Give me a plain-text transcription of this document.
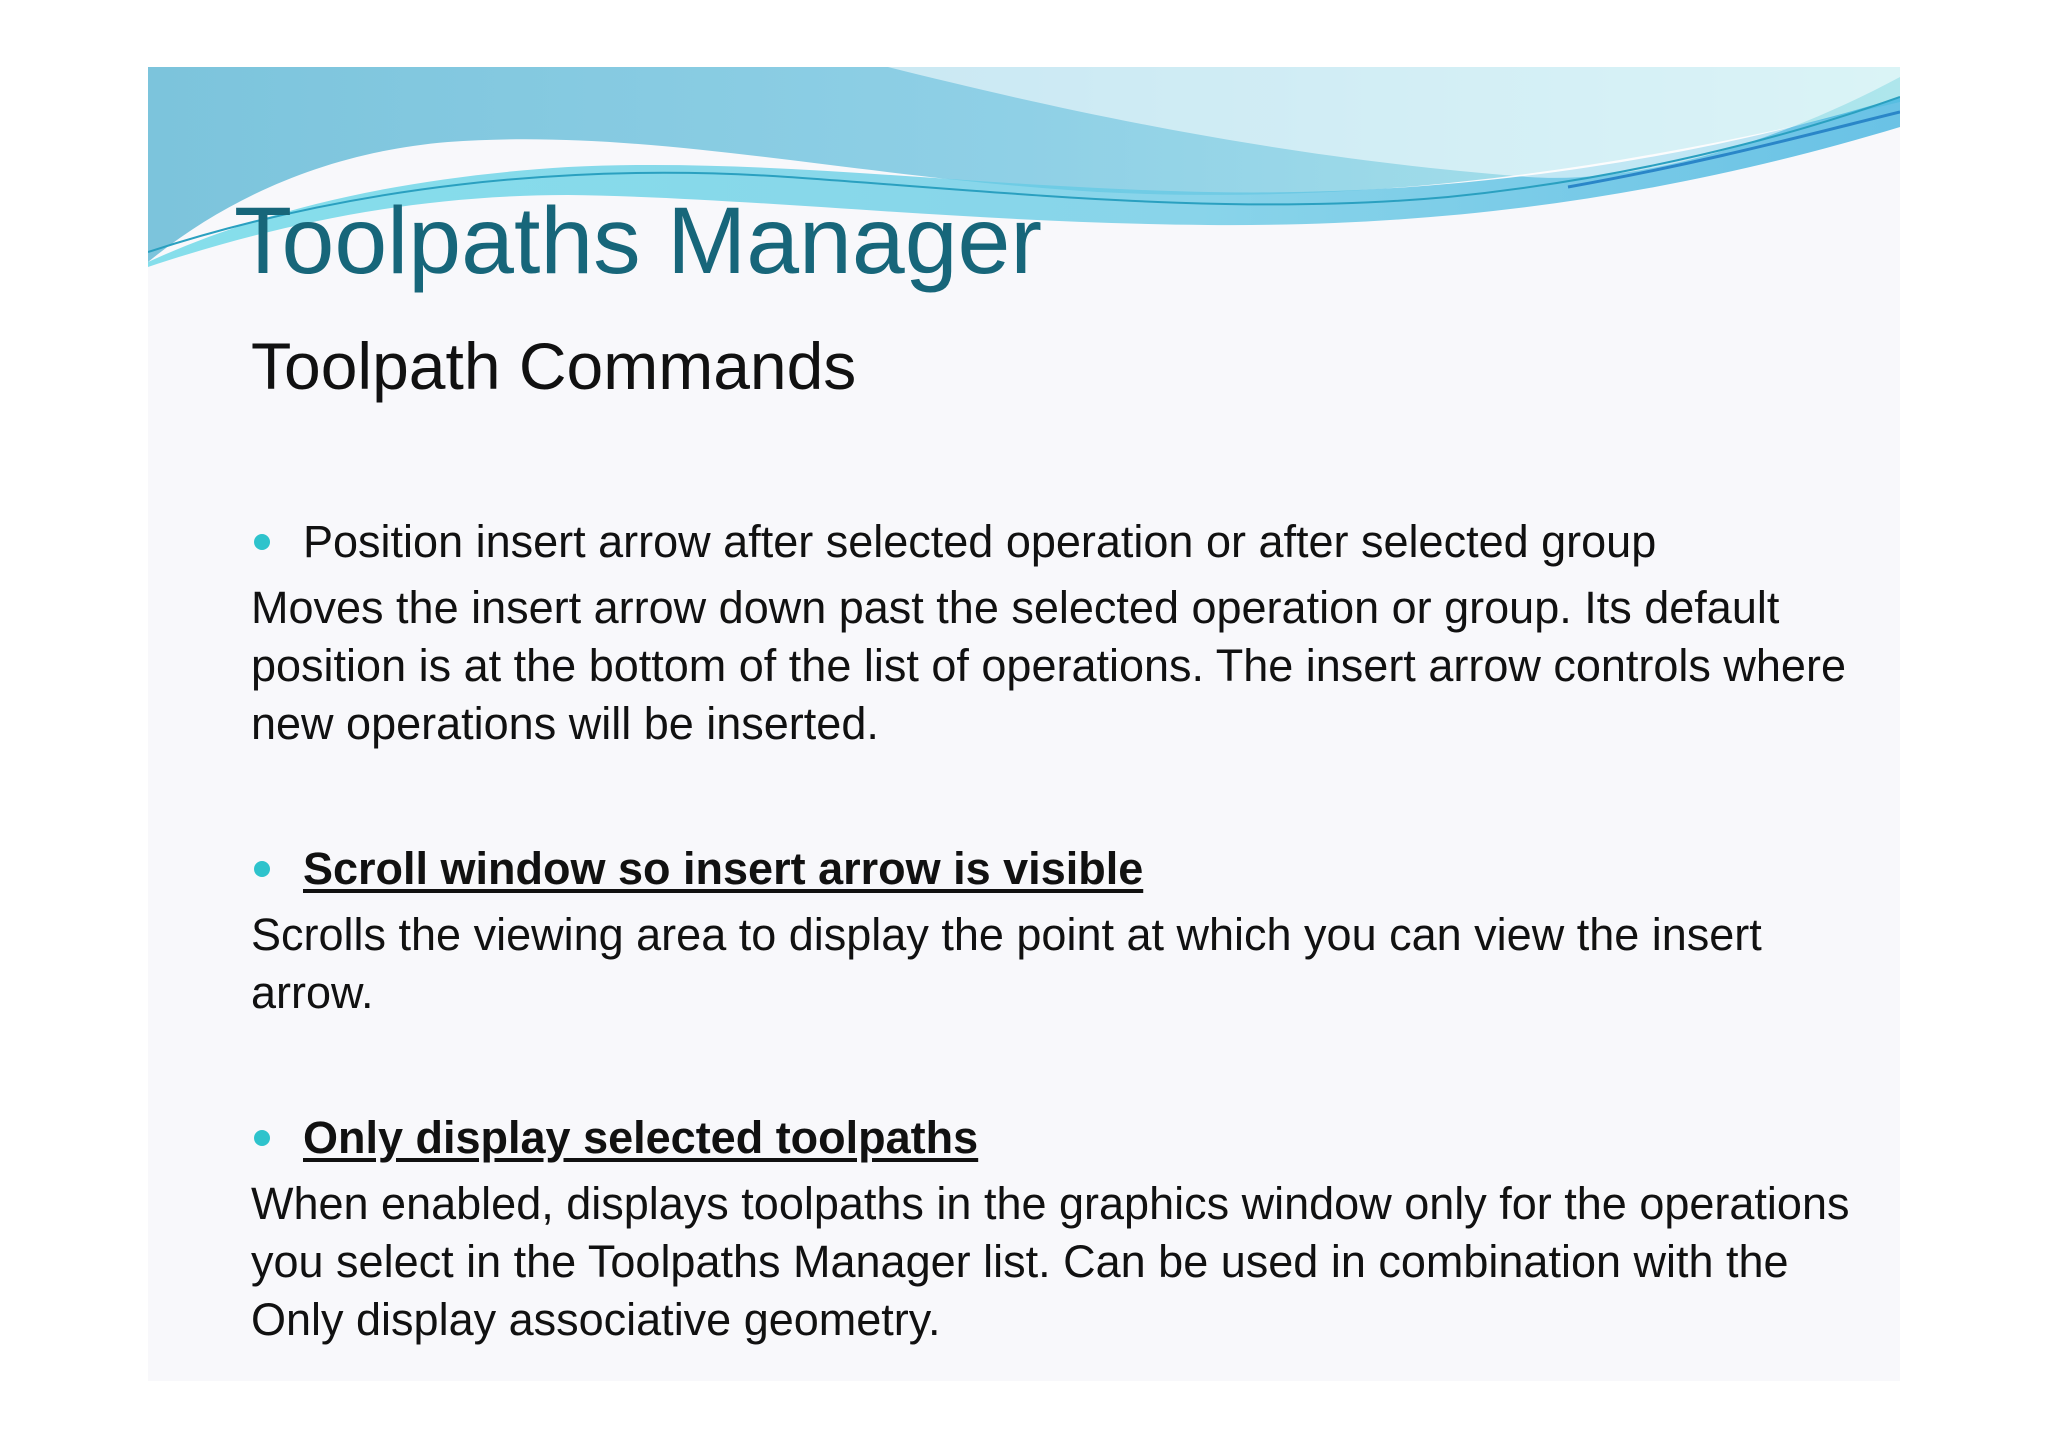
Toolpaths Manager
Toolpath Commands
Position insert arrow after selected operation or after selected group

Moves the insert arrow down past the selected operation or group. Its default position is at the bottom of the list of operations. The insert arrow controls where new operations will be inserted.

Scroll window so insert arrow is visible

Scrolls the viewing area to display the point at which you can view the insert arrow.

Only display selected toolpaths

When enabled, displays toolpaths in the graphics window only for the operations you select in the Toolpaths Manager list. Can be used in combination with the Only display associative geometry.
